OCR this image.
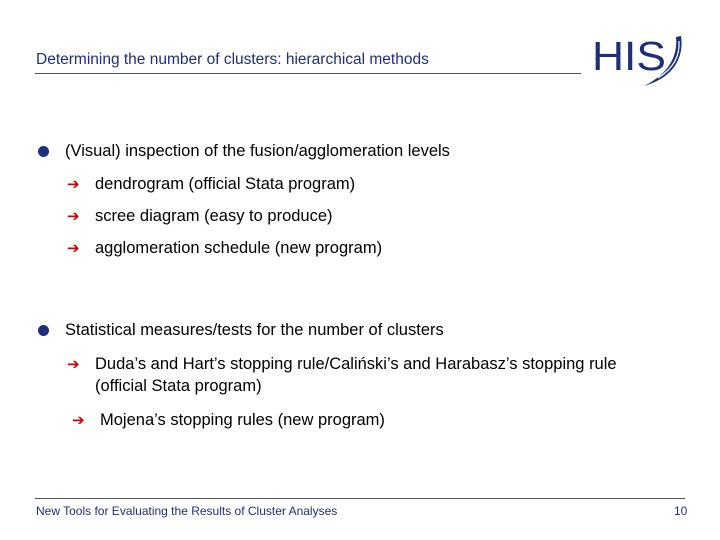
Determining the number of clusters: hierarchical methods	HIS
(Visual) inspection of the fusion/agglomeration levels
➔ dendrogram (official Stata program)
➔ scree diagram (easy to produce)
➔ agglomeration schedule (new program)
Statistical measures/tests for the number of clusters
➔ Duda’s and Hart’s stopping rule/Caliński’s and Harabasz’s stopping rule
(official Stata program)
➔ Mojena’s stopping rules (new program)
New Tools for Evaluating the Results of Cluster Analyses	10
